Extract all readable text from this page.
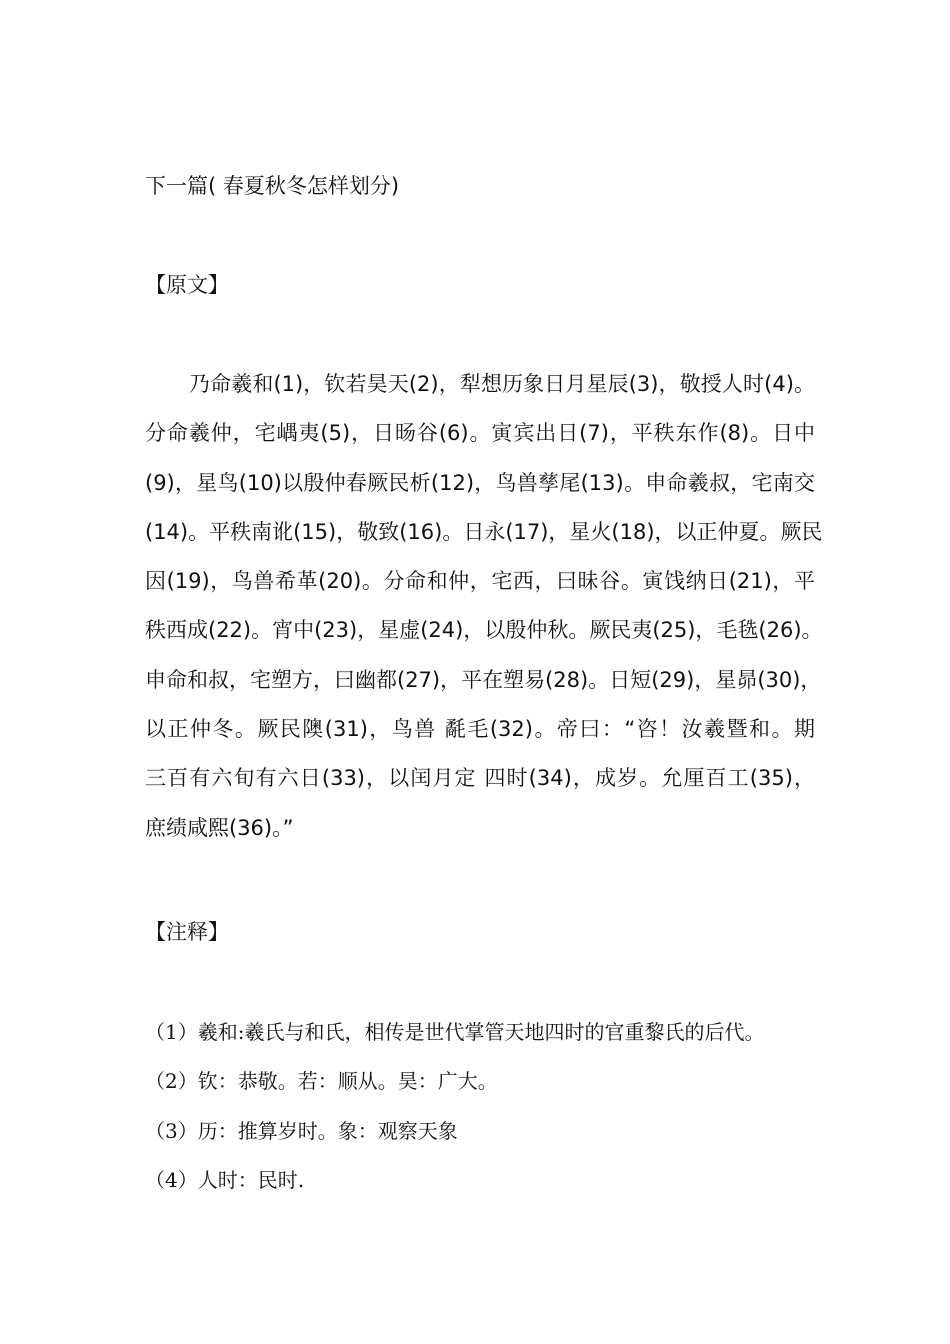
下一篇( 春夏秋冬怎样划分)
【原文】
乃命羲和(1)，钦若昊天(2)，犁想历象日月星辰(3)，敬授人时(4)。
分命羲仲，宅嵎夷(5)，日旸谷(6)。寅宾出日(7)，平秩东作(8)。日中
(9)，星鸟(10)以殷仲春厥民析(12)，鸟兽孳尾(13)。申命羲叔，宅南交
(14)。平秩南讹(15)，敬致(16)。日永(17)，星火(18)，以正仲夏。厥民
因(19)，鸟兽希革(20)。分命和仲，宅西，曰昧谷。寅饯纳日(21)，平
秩西成(22)。宵中(23)，星虚(24)，以殷仲秋。厥民夷(25)，毛毨(26)。
申命和叔，宅塑方，曰幽都(27)，平在塑易(28)。日短(29)，星昴(30)，
以正仲冬。厥民隩(31)，鸟兽 氄毛(32)。帝曰：“咨！汝羲暨和。期
三百有六旬有六日(33)，以闰月定 四时(34)，成岁。允厘百工(35)，
庶绩咸熙(36)。”
【注释】
（1）羲和:羲氏与和氏，相传是世代掌管天地四时的官重黎氏的后代。
（2）钦：恭敬。若：顺从。昊：广大。
（3）历：推算岁时。象：观察天象
（4）人时：民时.
